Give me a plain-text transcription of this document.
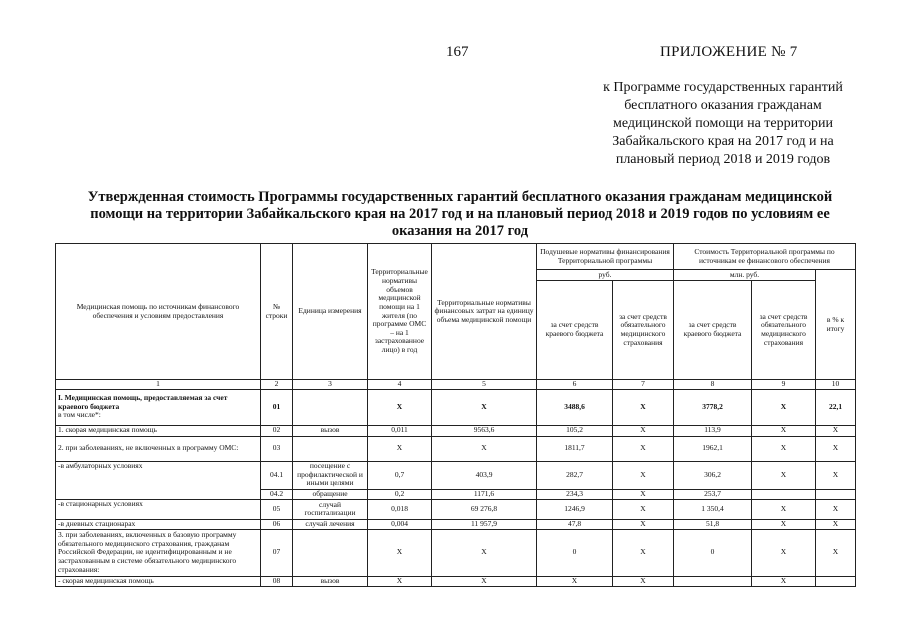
167	ПРИЛОЖЕНИЕ № 7
к Программе государственных гарантий
бесплатного оказания гражданам
медицинской помощи на территории
Забайкальского края на 2017 год и на
плановый период 2018 и 2019 годов
Утвержденная стоимость Программы государственных гарантий бесплатного оказания гражданам медицинской
помощи на территории Забайкальского края на 2017 год и на плановый период 2018 и 2019 годов по условиям ее
оказания на 2017 год
Медицинская помощь по источникам финансового обеспечения и условиям предоставления	№ строки	Единица измерения	Территориальные нормативы объемов медицинской помощи на 1 жителя (по программе ОМС – на 1 застрахованное лицо) в год	Территориальные нормативы финансовых затрат на единицу объема медицинской помощи	Подушевые нормативы финансирования Территориальной программы		Стоимость Территориальной программы по источникам ее финансового обеспечения		
					руб.		млн. руб.		в % к итогу
					за счет средств краевого бюджета	за счет средств обязательного медицинского страхования	за счет средств краевого бюджета	за счет средств обязательного медицинского страхования	
1	2	3	4	5	6	7	8	9	10

I. Медицинская помощь, предоставляемая за счет краевого бюджета
в том числе*:	01		X	X	3488,6	X	3778,2	X	22,1
1. скорая медицинская помощь	02	вызов	0,011	9563,6	105,2	X	113,9	X	X
2. при заболеваниях, не включенных в программу ОМС:	03		X	X	1811,7	X	1962,1	X	X
-в амбулаторных условиях	04.1	посещение с профилактической и иными целями	0,7	403,9	282,7	X	306,2	X	X
	04.2	обращение	0,2	1171,6	234,3	X	253,7		
-в стационарных условиях	05	случай госпитализации	0,018	69 276,8	1246,9	X	1 350,4	X	X
-в дневных стационарах	06	случай лечения	0,004	11 957,9	47,8	X	51,8	X	X
3. при заболеваниях, включенных в базовую программу обязательного медицинского страхования, гражданам Российской Федерации, не идентифицированным и не застрахованным в системе обязательного медицинского страхования:	07		X	X	0	X	0	X	X
- скорая медицинская помощь	08	вызов	X	X	X	X		X	
